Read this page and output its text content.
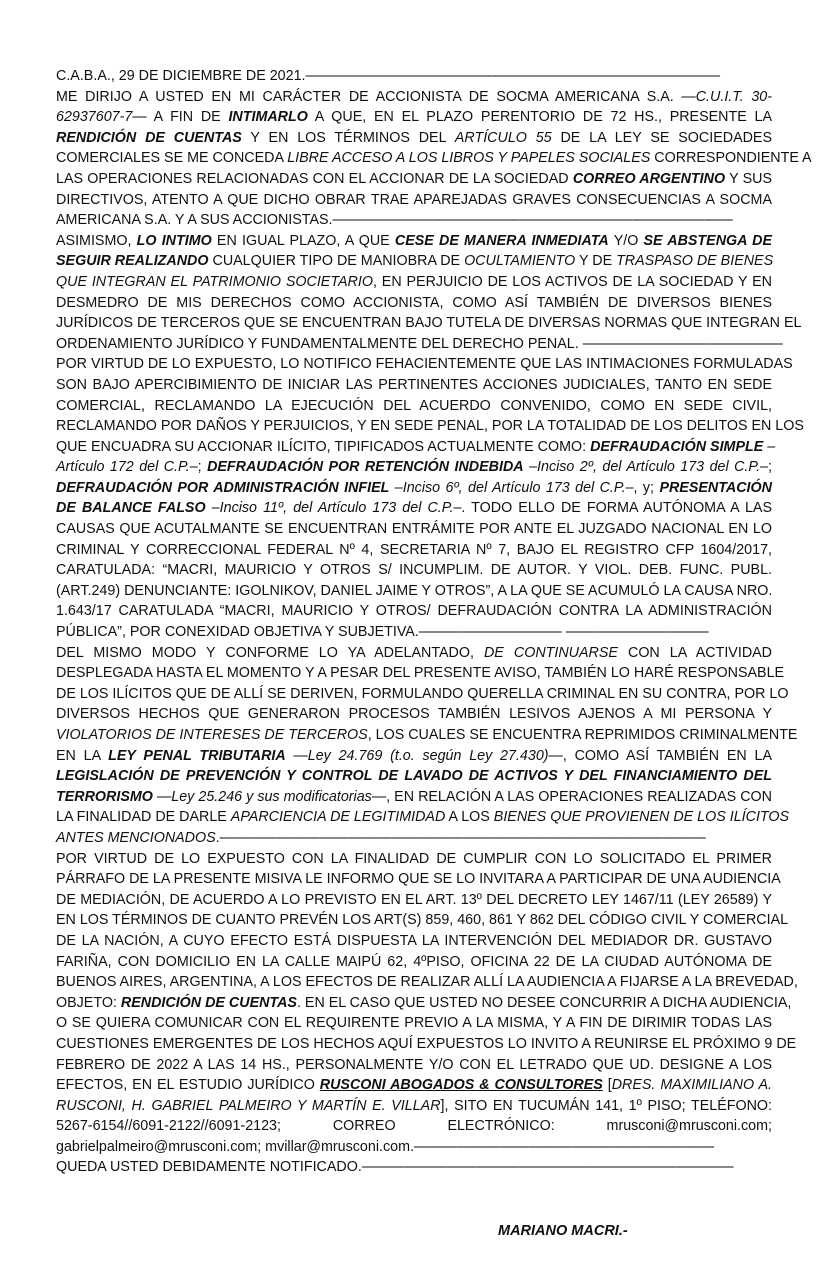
C.A.B.A., 29 DE DICIEMBRE DE 2021.—————————————————————————————
ME DIRIJO A USTED EN MI CARÁCTER DE ACCIONISTA DE SOCMA AMERICANA S.A. —C.U.I.T. 30-
62937607-7— A FIN DE INTIMARLO A QUE, EN EL PLAZO PERENTORIO DE 72 HS., PRESENTE LA
RENDICIÓN DE CUENTAS Y EN LOS TÉRMINOS DEL ARTÍCULO 55 DE LA LEY SE SOCIEDADES
COMERCIALES SE ME CONCEDA LIBRE ACCESO A LOS LIBROS Y PAPELES SOCIALES CORRESPONDIENTE A
LAS OPERACIONES RELACIONADAS CON EL ACCIONAR DE LA SOCIEDAD CORREO ARGENTINO Y SUS
DIRECTIVOS, ATENTO A QUE DICHO OBRAR TRAE APAREJADAS GRAVES CONSECUENCIAS A SOCMA
AMERICANA S.A. Y A SUS ACCIONISTAS.————————————————————————————
ASIMISMO, LO INTIMO EN IGUAL PLAZO, A QUE CESE DE MANERA INMEDIATA Y/O SE ABSTENGA DE
SEGUIR REALIZANDO CUALQUIER TIPO DE MANIOBRA DE OCULTAMIENTO Y DE TRASPASO DE BIENES
QUE INTEGRAN EL PATRIMONIO SOCIETARIO, EN PERJUICIO DE LOS ACTIVOS DE LA SOCIEDAD Y EN
DESMEDRO DE MIS DERECHOS COMO ACCIONISTA, COMO ASÍ TAMBIÉN DE DIVERSOS BIENES
JURÍDICOS DE TERCEROS QUE SE ENCUENTRAN BAJO TUTELA DE DIVERSAS NORMAS QUE INTEGRAN EL
ORDENAMIENTO JURÍDICO Y FUNDAMENTALMENTE DEL DERECHO PENAL. ——————————————
POR VIRTUD DE LO EXPUESTO, LO NOTIFICO FEHACIENTEMENTE QUE LAS INTIMACIONES FORMULADAS
SON BAJO APERCIBIMIENTO DE INICIAR LAS PERTINENTES ACCIONES JUDICIALES, TANTO EN SEDE
COMERCIAL, RECLAMANDO LA EJECUCIÓN DEL ACUERDO CONVENIDO, COMO EN SEDE CIVIL,
RECLAMANDO POR DAÑOS Y PERJUICIOS, Y EN SEDE PENAL, POR LA TOTALIDAD DE LOS DELITOS EN LOS
QUE ENCUADRA SU ACCIONAR ILÍCITO, TIPIFICADOS ACTUALMENTE COMO: DEFRAUDACIÓN SIMPLE –
Artículo 172 del C.P.–; DEFRAUDACIÓN POR RETENCIÓN INDEBIDA –Inciso 2º, del Artículo 173 del C.P.–;
DEFRAUDACIÓN POR ADMINISTRACIÓN INFIEL –Inciso 6º, del Artículo 173 del C.P.–, y; PRESENTACIÓN
DE BALANCE FALSO –Inciso 11º, del Artículo 173 del C.P.–. TODO ELLO DE FORMA AUTÓNOMA A LAS
CAUSAS QUE ACUTALMANTE SE ENCUENTRAN ENTRÁMITE POR ANTE EL JUZGADO NACIONAL EN LO
CRIMINAL Y CORRECCIONAL FEDERAL Nº 4, SECRETARIA Nº 7, BAJO EL REGISTRO CFP 1604/2017,
CARATULADA: “MACRI, MAURICIO Y OTROS S/ INCUMPLIM. DE AUTOR. Y VIOL. DEB. FUNC. PUBL.
(ART.249) DENUNCIANTE: IGOLNIKOV, DANIEL JAIME Y OTROS”, A LA QUE SE ACUMULÓ LA CAUSA NRO.
1.643/17 CARATULADA “MACRI, MAURICIO Y OTROS/ DEFRAUDACIÓN CONTRA LA ADMINISTRACIÓN
PÚBLICA”, POR CONEXIDAD OBJETIVA Y SUBJETIVA.—————————— ——————————
DEL MISMO MODO Y CONFORME LO YA ADELANTADO, DE CONTINUARSE CON LA ACTIVIDAD
DESPLEGADA HASTA EL MOMENTO Y A PESAR DEL PRESENTE AVISO, TAMBIÉN LO HARÉ RESPONSABLE
DE LOS ILÍCITOS QUE DE ALLÍ SE DERIVEN, FORMULANDO QUERELLA CRIMINAL EN SU CONTRA, POR LO
DIVERSOS HECHOS QUE GENERARON PROCESOS TAMBIÉN LESIVOS AJENOS A MI PERSONA Y
VIOLATORIOS DE INTERESES DE TERCEROS, LOS CUALES SE ENCUENTRA REPRIMIDOS CRIMINALMENTE
EN LA LEY PENAL TRIBUTARIA —Ley 24.769 (t.o. según Ley 27.430)—, COMO ASÍ TAMBIÉN EN LA
LEGISLACIÓN DE PREVENCIÓN Y CONTROL DE LAVADO DE ACTIVOS Y DEL FINANCIAMIENTO DEL
TERRORISMO —Ley 25.246 y sus modificatorias—, EN RELACIÓN A LAS OPERACIONES REALIZADAS CON
LA FINALIDAD DE DARLE APARCIENCIA DE LEGITIMIDAD A LOS BIENES QUE PROVIENEN DE LOS ILÍCITOS
ANTES MENCIONADOS.——————————————————————————————————
POR VIRTUD DE LO EXPUESTO CON LA FINALIDAD DE CUMPLIR CON LO SOLICITADO EL PRIMER
PÁRRAFO DE LA PRESENTE MISIVA LE INFORMO QUE SE LO INVITARA A PARTICIPAR DE UNA AUDIENCIA
DE MEDIACIÓN, DE ACUERDO A LO PREVISTO EN EL ART. 13º DEL DECRETO LEY 1467/11 (LEY 26589) Y
EN LOS TÉRMINOS DE CUANTO PREVÉN LOS ART(S) 859, 460, 861 Y 862 DEL CÓDIGO CIVIL Y COMERCIAL
DE LA NACIÓN, A CUYO EFECTO ESTÁ DISPUESTA LA INTERVENCIÓN DEL MEDIADOR DR. GUSTAVO
FARIÑA, CON DOMICILIO EN LA CALLE MAIPÚ 62, 4ºPISO, OFICINA 22 DE LA CIUDAD AUTÓNOMA DE
BUENOS AIRES, ARGENTINA, A LOS EFECTOS DE REALIZAR ALLÍ LA AUDIENCIA A FIJARSE A LA BREVEDAD,
OBJETO: RENDICIÓN DE CUENTAS. EN EL CASO QUE USTED NO DESEE CONCURRIR A DICHA AUDIENCIA,
O SE QUIERA COMUNICAR CON EL REQUIRENTE PREVIO A LA MISMA, Y A FIN DE DIRIMIR TODAS LAS
CUESTIONES EMERGENTES DE LOS HECHOS AQUÍ EXPUESTOS LO INVITO A REUNIRSE EL PRÓXIMO 9 DE
FEBRERO DE 2022 A LAS 14 HS., PERSONALMENTE Y/O CON EL LETRADO QUE UD. DESIGNE A LOS
EFECTOS, EN EL ESTUDIO JURÍDICO RUSCONI ABOGADOS & CONSULTORES [DRES. MAXIMILIANO A.
RUSCONI, H. GABRIEL PALMEIRO Y MARTÍN E. VILLAR], SITO EN TUCUMÁN 141, 1º PISO; TELÉFONO:
5267-6154//6091-2122//6091-2123; CORREO ELECTRÓNICO: mrusconi@mrusconi.com;
gabrielpalmeiro@mrusconi.com; mvillar@mrusconi.com.—————————————————————
QUEDA USTED DEBIDAMENTE NOTIFICADO.——————————————————————————
MARIANO MACRI.-
